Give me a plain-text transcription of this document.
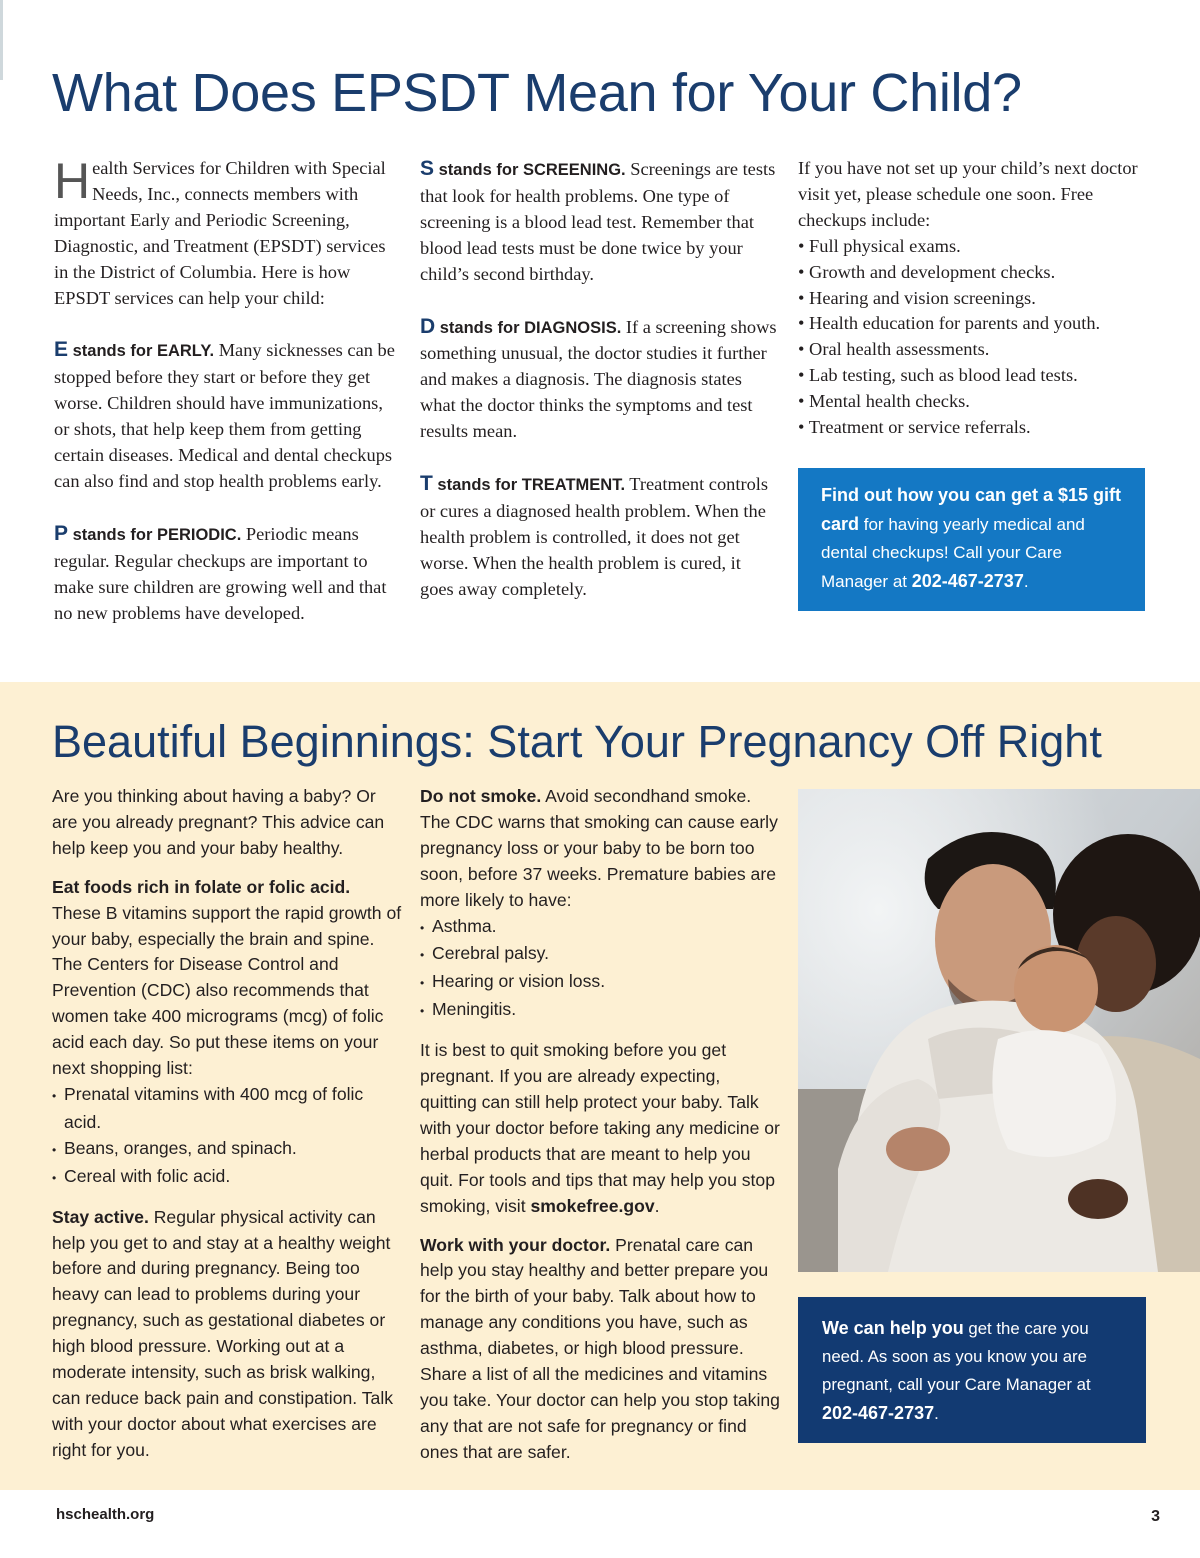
What Does EPSDT Mean for Your Child?

Health Services for Children with Special Needs, Inc., connects members with important Early and Periodic Screening, Diagnostic, and Treatment (EPSDT) services in the District of Columbia. Here is how EPSDT services can help your child:

E stands for EARLY. Many sicknesses can be stopped before they start or before they get worse. Children should have immunizations, or shots, that help keep them from getting certain diseases. Medical and dental checkups can also find and stop health problems early.

P stands for PERIODIC. Periodic means regular. Regular checkups are important to make sure children are growing well and that no new problems have developed.

S stands for SCREENING. Screenings are tests that look for health problems. One type of screening is a blood lead test. Remember that blood lead tests must be done twice by your child’s second birthday.

D stands for DIAGNOSIS. If a screening shows something unusual, the doctor studies it further and makes a diagnosis. The diagnosis states what the doctor thinks the symptoms and test results mean.

T stands for TREATMENT. Treatment controls or cures a diagnosed health problem. When the health problem is controlled, it does not get worse. When the health problem is cured, it goes away completely.

If you have not set up your child’s next doctor visit yet, please schedule one soon. Free checkups include:
• Full physical exams.
• Growth and development checks.
• Hearing and vision screenings.
• Health education for parents and youth.
• Oral health assessments.
• Lab testing, such as blood lead tests.
• Mental health checks.
• Treatment or service referrals.
Find out how you can get a $15 gift card for having yearly medical and dental checkups! Call your Care Manager at 202-467-2737.
Beautiful Beginnings: Start Your Pregnancy Off Right

Are you thinking about having a baby? Or are you already pregnant? This advice can help keep you and your baby healthy.

Eat foods rich in folate or folic acid.
These B vitamins support the rapid growth of your baby, especially the brain and spine. The Centers for Disease Control and Prevention (CDC) also recommends that women take 400 micrograms (mcg) of folic acid each day. So put these items on your next shopping list:
• Prenatal vitamins with 400 mcg of folic acid.
• Beans, oranges, and spinach.
• Cereal with folic acid.

Stay active. Regular physical activity can help you get to and stay at a healthy weight before and during pregnancy. Being too heavy can lead to problems during your pregnancy, such as gestational diabetes or high blood pressure. Working out at a moderate intensity, such as brisk walking, can reduce back pain and constipation. Talk with your doctor about what exercises are right for you.

Do not smoke. Avoid secondhand smoke. The CDC warns that smoking can cause early pregnancy loss or your baby to be born too soon, before 37 weeks. Premature babies are more likely to have:
• Asthma.
• Cerebral palsy.
• Hearing or vision loss.
• Meningitis.

It is best to quit smoking before you get pregnant. If you are already expecting, quitting can still help protect your baby. Talk with your doctor before taking any medicine or herbal products that are meant to help you quit. For tools and tips that may help you stop smoking, visit smokefree.gov.

Work with your doctor. Prenatal care can help you stay healthy and better prepare you for the birth of your baby. Talk about how to manage any conditions you have, such as asthma, diabetes, or high blood pressure. Share a list of all the medicines and vitamins you take. Your doctor can help you stop taking any that are not safe for pregnancy or find ones that are safer.

We can help you get the care you need. As soon as you know you are pregnant, call your Care Manager at 202-467-2737.
hschealth.org	3
